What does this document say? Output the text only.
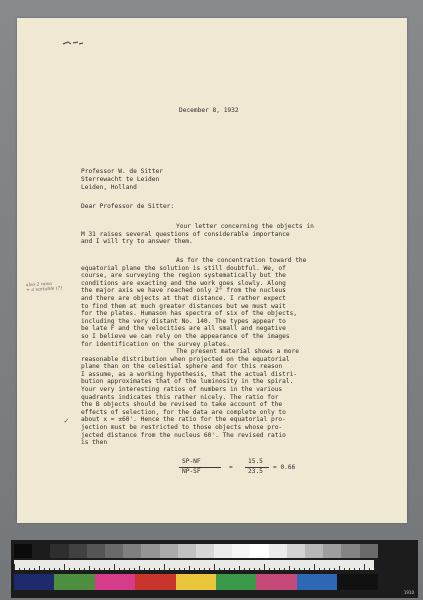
December 8, 1932
Professor W. de Sitter
Sterrewacht te Leiden
Leiden, Holland
Dear Professor de Sitter:
Your letter concerning the objects in
M 31 raises several questions of considerable importance
and I will try to answer them.
As for the concentration toward the
equatorial plane the solution is still doubtful. We, of
course, are surveying the region systematically but the
conditions are exacting and the work goes slowly. Along
the major axis we have reached only 2° from the nucleus
and there are objects at that distance. I rather expect
to find them at much greater distances but we must wait
for the plates. Humason has spectra of six of the objects,
including the very distant No. 140. The types appear to
be late F and the velocities are all small and negative
so I believe we can rely on the appearance of the images
for identification on the survey plates.
The present material shows a more
reasonable distribution when projected on the equatorial
plane than on the celestial sphere and for this reason
I assume, as a working hypothesis, that the actual distri-
bution approximates that of the luminosity in the spiral.
Your very interesting ratios of numbers in the various
quadrants indicates this rather nicely. The ratio for
the B objects should be revised to take account of the
effects of selection, for the data are complete only to
about x = ±60'. Hence the ratio for the equatorial pro-
jection must be restricted to those objects whose pro-
jected distance from the nucleus 60'. The revised ratio
is then
also 2 nova
+ a variable (?)
✓
SP-NF
NP-SF
=
15.5
23.5
= 0.66
1910
